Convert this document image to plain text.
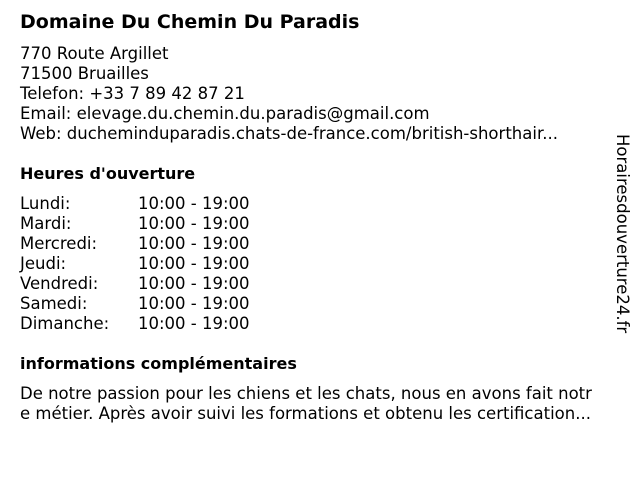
Domaine Du Chemin Du Paradis
770 Route Argillet
71500 Bruailles
Telefon: +33 7 89 42 87 21
Email: elevage.du.chemin.du.paradis@gmail.com
Web: duchem‌induparadis.chats-de-france.com/british-shorthair...
Heures d'ouverture
Lundi:	10:00 - 19:00
Mardi:	10:00 - 19:00
Mercredi: 10:00 - 19:00
Jeudi:	10:00 - 19:00
Vendredi: 10:00 - 19:00
Samedi:	10:00 - 19:00
Dimanche: 10:00 - 19:00
informations complémentaires
De notre passion pour les chiens et les chats, nous en avons fait notr
e métier. Après avoir suivi les formations et obtenu les certification...
Horairesdouverture24.fr
